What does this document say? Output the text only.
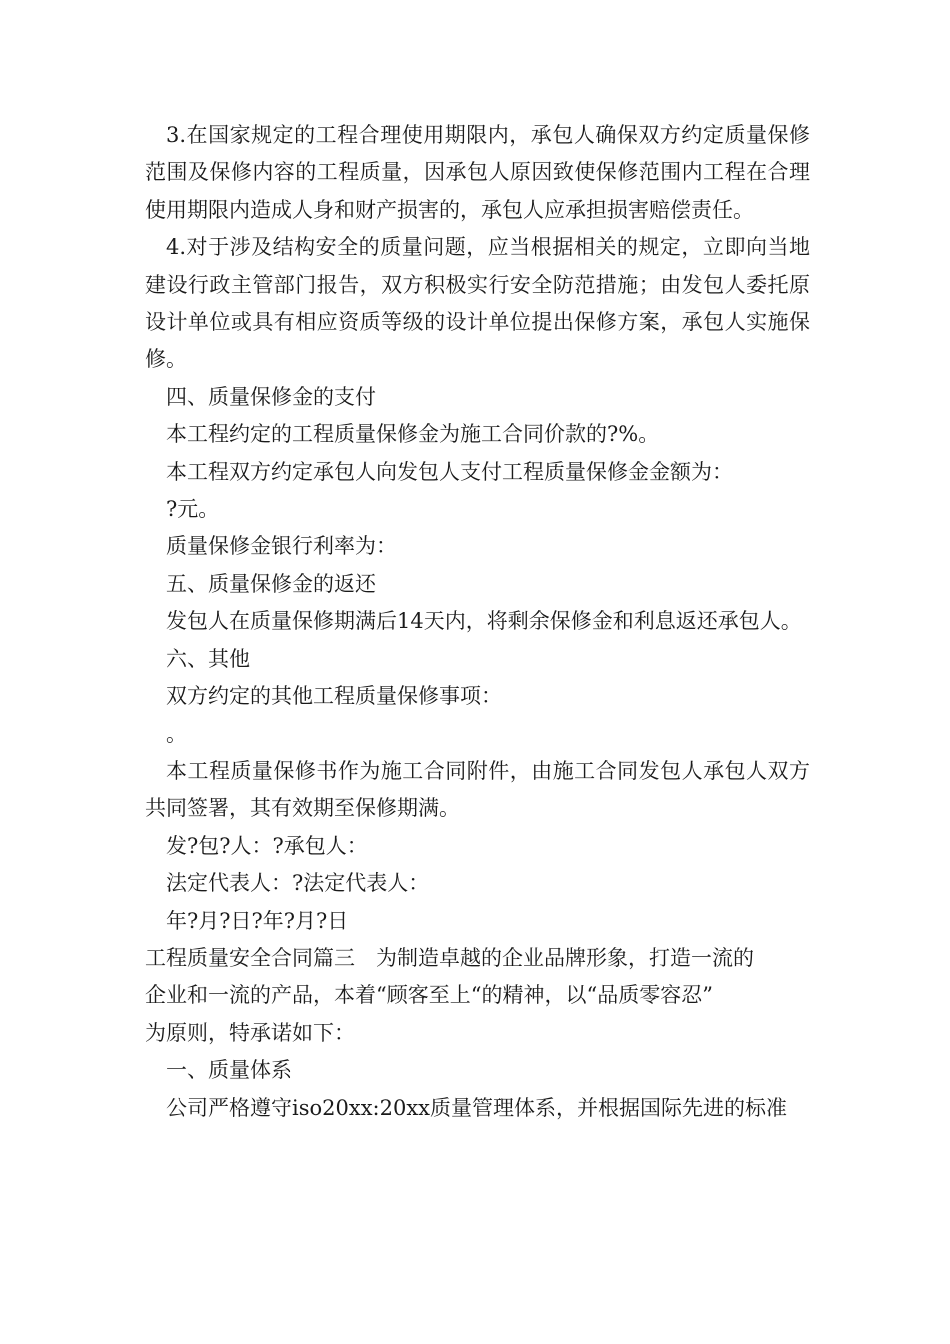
3.在国家规定的工程合理使用期限内，承包人确保双方约定质量保修范围及保修内容的工程质量，因承包人原因致使保修范围内工程在合理使用期限内造成人身和财产损害的，承包人应承担损害赔偿责任。

4.对于涉及结构安全的质量问题，应当根据相关的规定，立即向当地建设行政主管部门报告，双方积极实行安全防范措施；由发包人委托原设计单位或具有相应资质等级的设计单位提出保修方案，承包人实施保修。

四、质量保修金的支付

本工程约定的工程质量保修金为施工合同价款的?%。

本工程双方约定承包人向发包人支付工程质量保修金金额为：

?元。

质量保修金银行利率为：

五、质量保修金的返还

发包人在质量保修期满后14天内，将剩余保修金和利息返还承包人。

六、其他

双方约定的其他工程质量保修事项：

。

本工程质量保修书作为施工合同附件，由施工合同发包人承包人双方共同签署，其有效期至保修期满。

发?包?人：?承包人：

法定代表人：?法定代表人：

年?月?日?年?月?日

工程质量安全合同篇三　为制造卓越的企业品牌形象，打造一流的
企业和一流的产品，本着“顾客至上“的精神，以“品质零容忍”
为原则，特承诺如下：

一、质量体系

公司严格遵守iso20xx:20xx质量管理体系，并根据国际先进的标准
